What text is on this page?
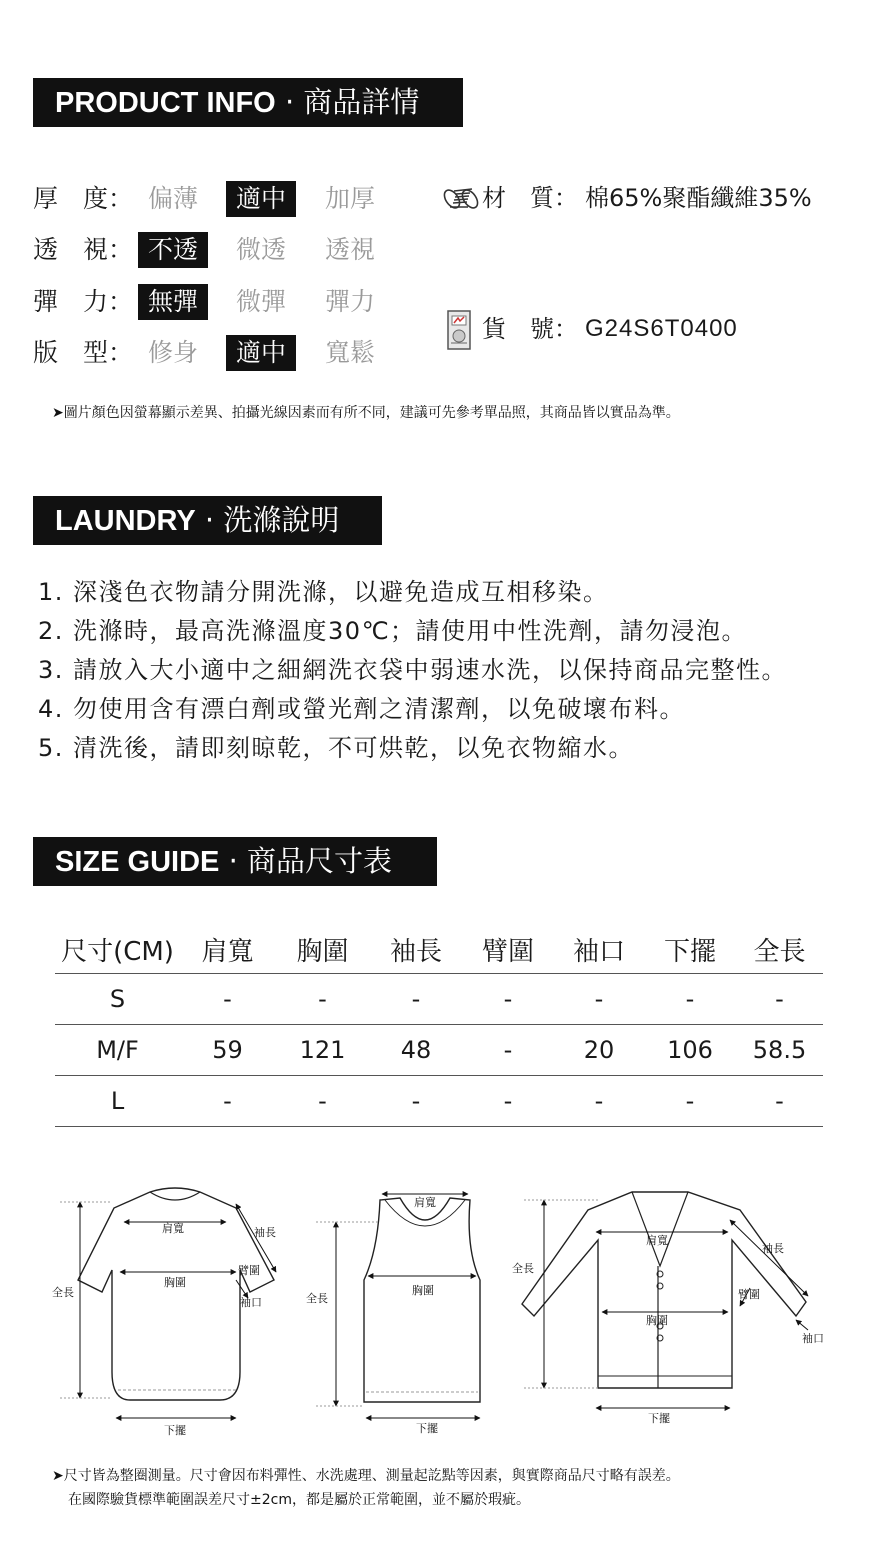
PRODUCT INFO · 商品詳情
厚　度： 偏薄	適中	加厚
透　視： 不透	微透	透視
彈　力： 無彈	微彈	彈力
版　型： 修身	適中	寬鬆
材　質： 棉65%聚酯纖維35%
貨　號： G24S6T0400
➤圖片顏色因螢幕顯示差異、拍攝光線因素而有所不同，建議可先參考單品照，其商品皆以實品為準。
LAUNDRY · 洗滌說明
1. 深淺色衣物請分開洗滌，以避免造成互相移染。
2. 洗滌時，最高洗滌溫度30℃；請使用中性洗劑，請勿浸泡。
3. 請放入大小適中之細網洗衣袋中弱速水洗，以保持商品完整性。
4. 勿使用含有漂白劑或螢光劑之清潔劑，以免破壞布料。
5. 清洗後，請即刻晾乾，不可烘乾，以免衣物縮水。
SIZE GUIDE · 商品尺寸表
尺寸(CM)	肩寬	胸圍	袖長	臂圍	袖口	下擺	全長
S	-	-	-	-	-	-	-
M/F	59	121	48	-	20	106	58.5
L	-	-	-	-	-	-	-
肩寬
胸圍
袖長
臂圍
袖口
全長
下擺
肩寬
胸圍
全長
下擺
肩寬
胸圍
袖長
臂圍
袖口
全長
下擺
➤尺寸皆為整圈測量。尺寸會因布料彈性、水洗處理、測量起訖點等因素，與實際商品尺寸略有誤差。
在國際驗貨標準範圍誤差尺寸±2cm，都是屬於正常範圍，並不屬於瑕疵。
